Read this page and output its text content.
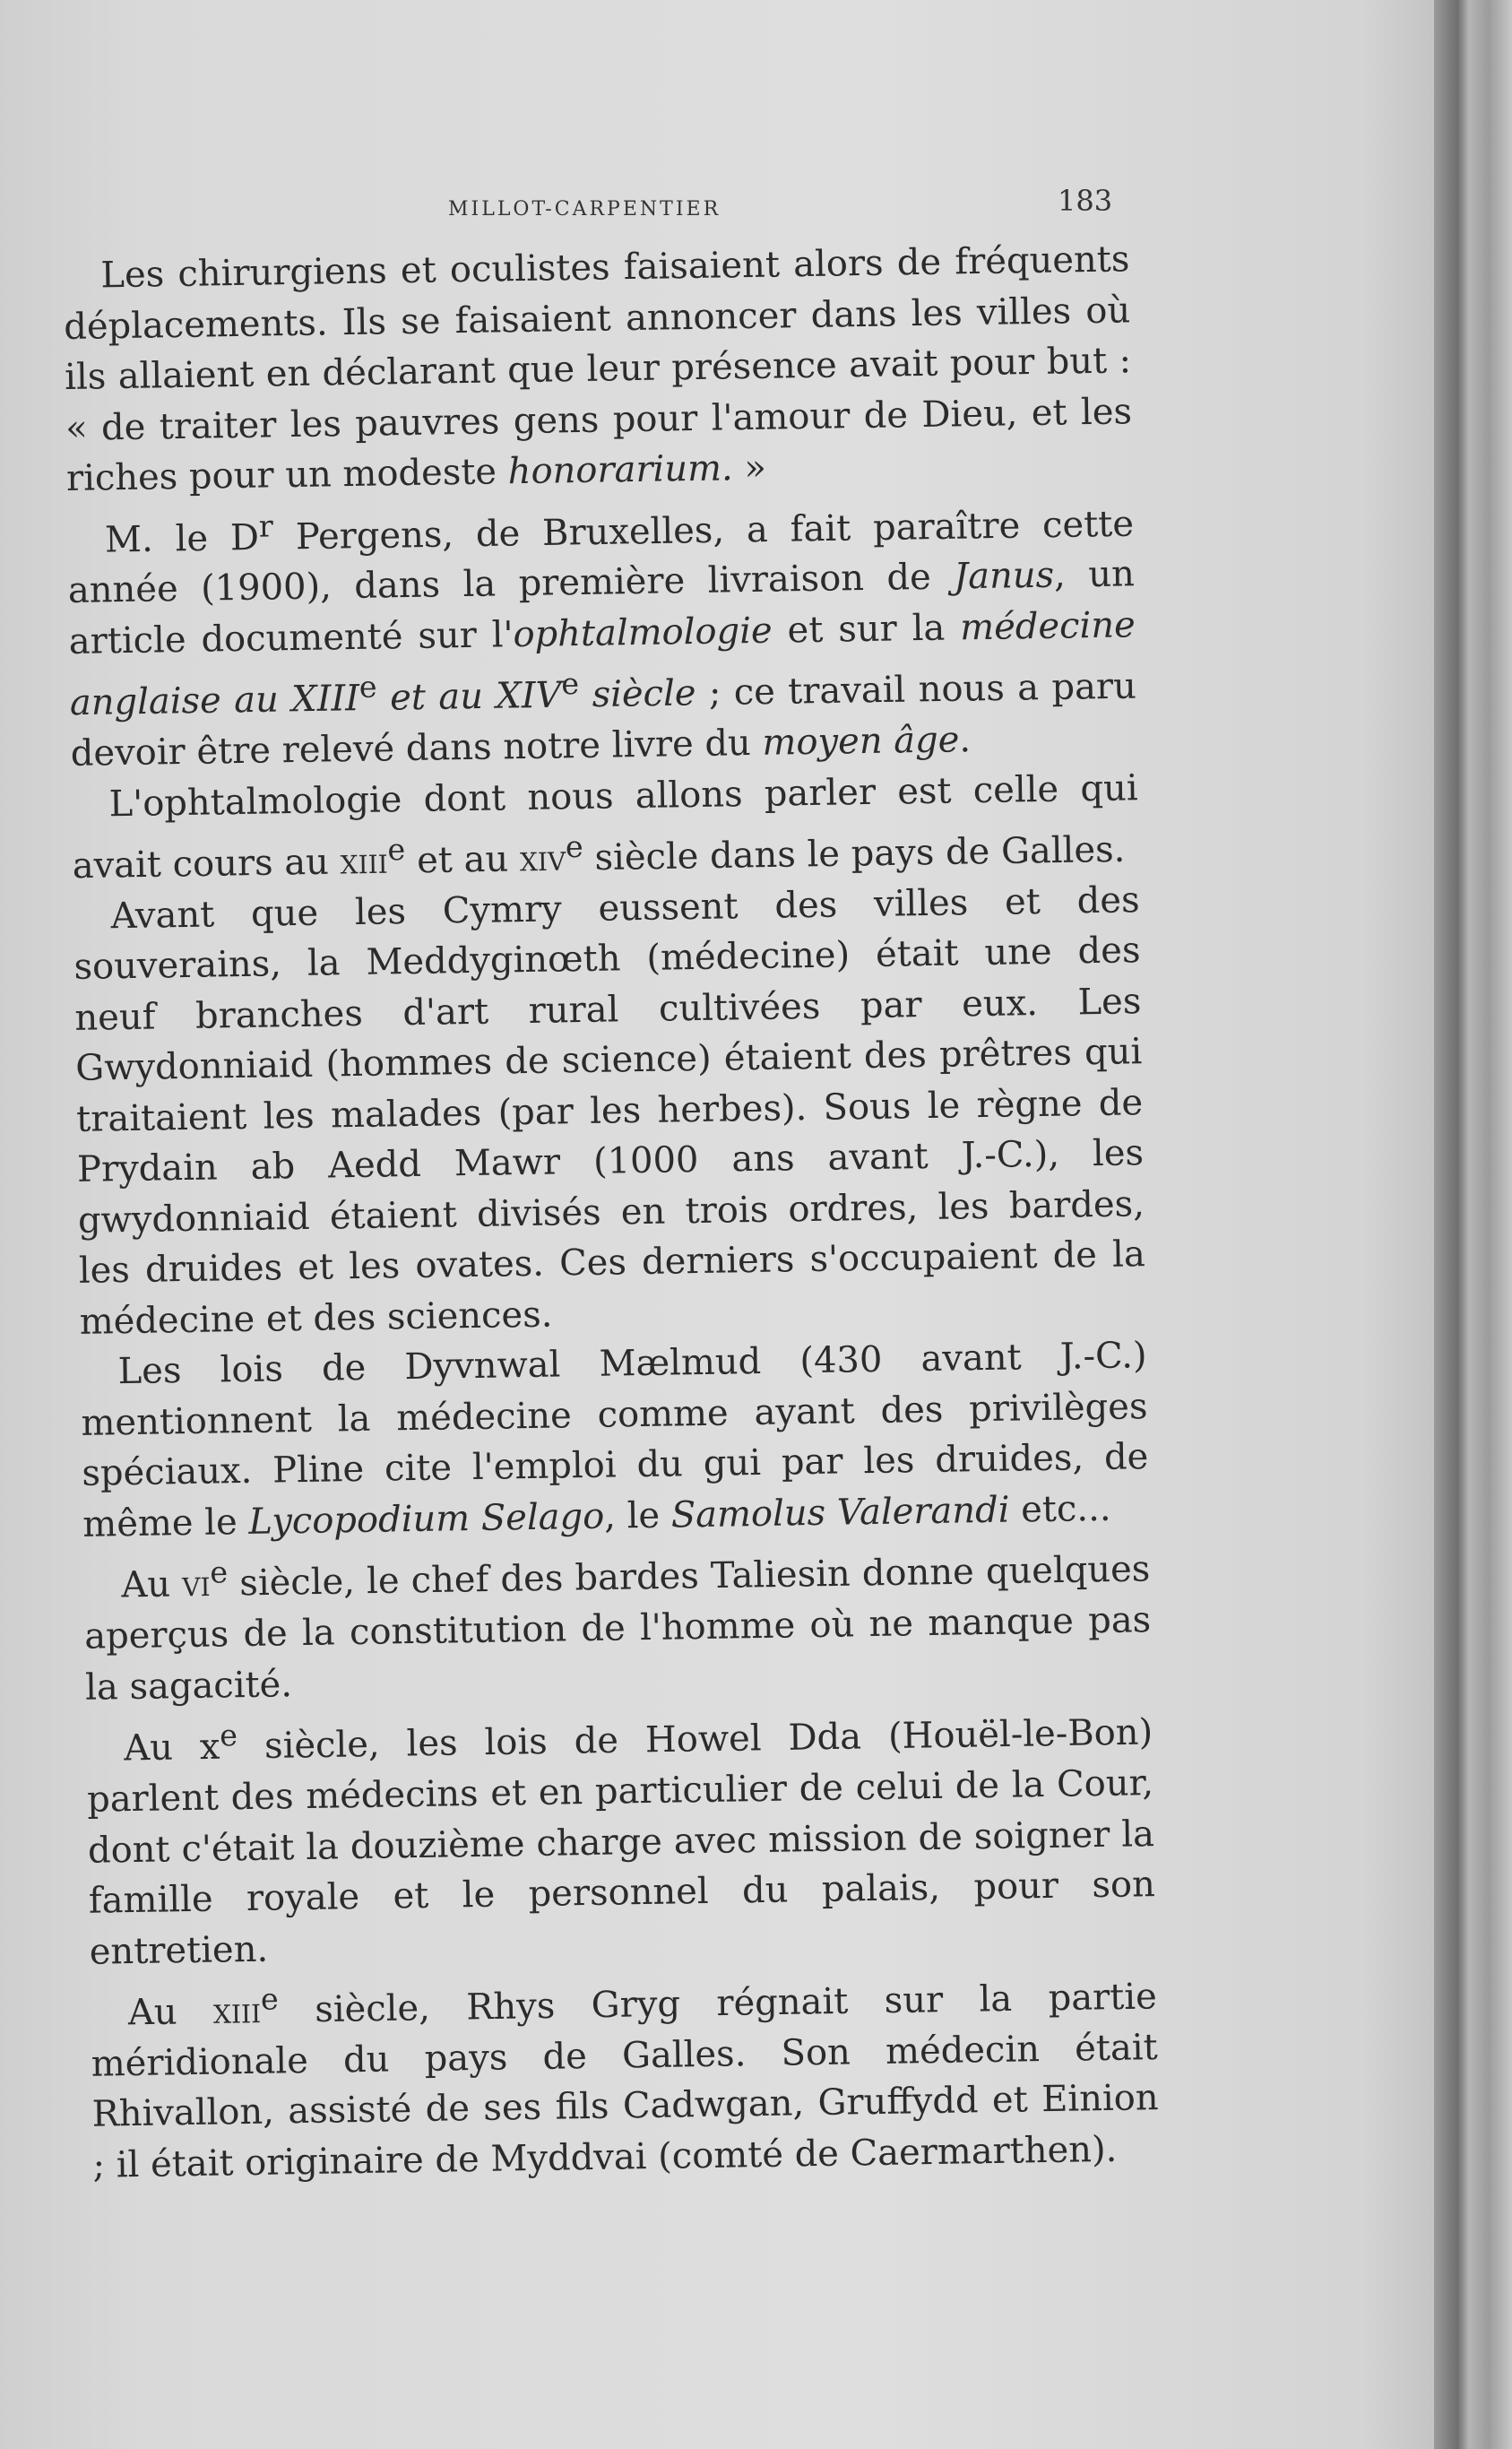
MILLOT-CARPENTIER	183

Les chirurgiens et oculistes faisaient alors de fréquents déplacements. Ils se faisaient annoncer dans les villes où ils allaient en déclarant que leur présence avait pour but : « de traiter les pauvres gens pour l'amour de Dieu, et les riches pour un modeste honorarium. »

M. le $D^r$ Pergens, de Bruxelles, a fait paraître cette année (1900), dans la première livraison de Janus, un article documenté sur l'ophtalmologie et sur la médecine anglaise au XIIIe et au XIVe siècle ; ce travail nous a paru devoir être relevé dans notre livre du moyen âge.

L'ophtalmologie dont nous allons parler est celle qui avait cours au xiii$^e$ et au xiv$^e$ siècle dans le pays de Galles.

Avant que les Cymry eussent des villes et des souverains, la Meddyginœth (médecine) était une des neuf branches d'art rural cultivées par eux. Les Gwydonniaid (hommes de science) étaient des prêtres qui traitaient les malades (par les herbes). Sous le règne de Prydain ab Aedd Mawr (1000 ans avant J.-C.), les gwydonniaid étaient divisés en trois ordres, les bardes, les druides et les ovates. Ces derniers s'occupaient de la médecine et des sciences.

Les lois de Dyvnwal Mælmud (430 avant J.-C.) mentionnent la médecine comme ayant des privilèges spéciaux. Pline cite l'emploi du gui par les druides, de même le Lycopodium Selago, le Samolus Valerandi etc...

Au $vi^e$ siècle, le chef des bardes Taliesin donne quelques aperçus de la constitution de l'homme où ne manque pas la sagacité.

Au $x^e$ siècle, les lois de Howel Dda (Houël-le-Bon) parlent des médecins et en particulier de celui de la Cour, dont c'était la douzième charge avec mission de soigner la famille royale et le personnel du palais, pour son entretien.

Au xiii$^e$ siècle, Rhys Gryg régnait sur la partie méridionale du pays de Galles. Son médecin était Rhivallon, assisté de ses fils Cadwgan, Gruffydd et Einion ; il était originaire de Myddvai (comté de Caermarthen).
